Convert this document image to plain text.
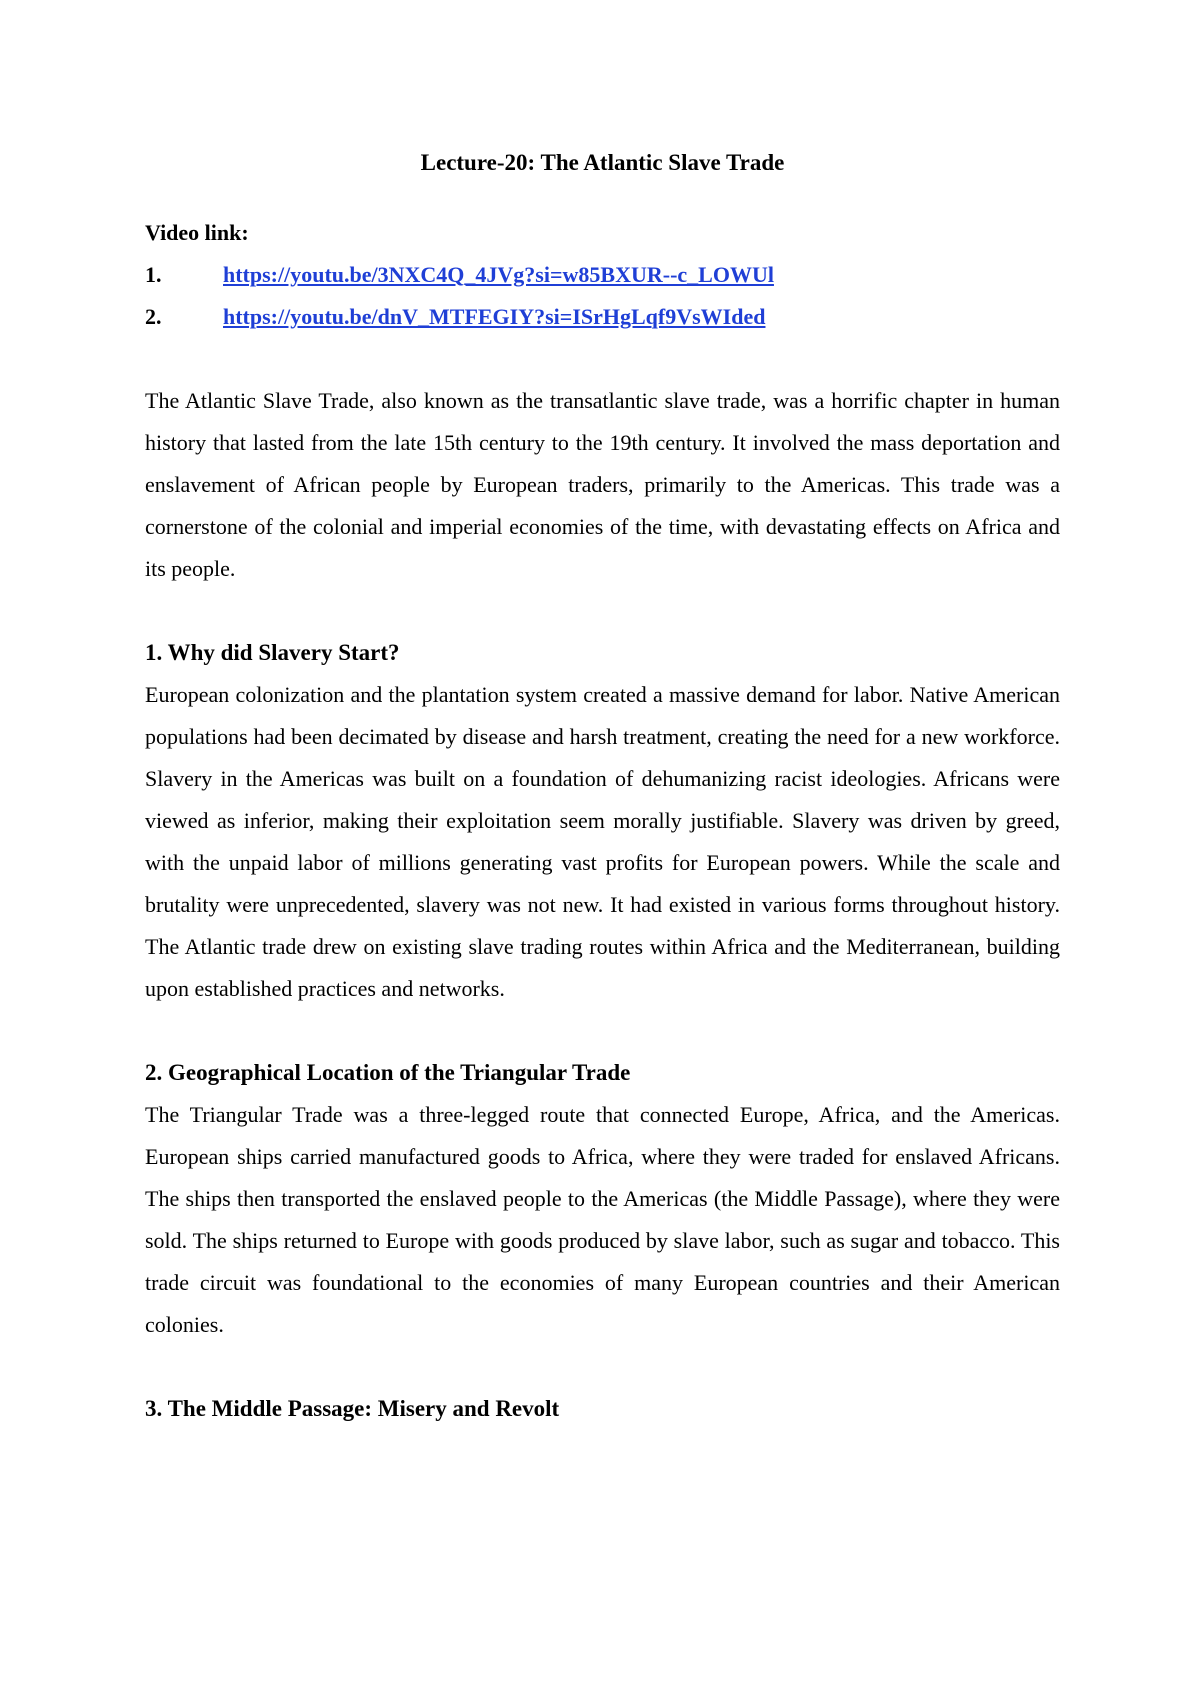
Lecture-20: The Atlantic Slave Trade

Video link:

1.	https://youtu.be/3NXC4Q_4JVg?si=w85BXUR--c_LOWUl
2.	https://youtu.be/dnV_MTFEGIY?si=ISrHgLqf9VsWIded

The Atlantic Slave Trade, also known as the transatlantic slave trade, was a horrific chapter in human history that lasted from the late 15th century to the 19th century. It involved the mass deportation and enslavement of African people by European traders, primarily to the Americas. This trade was a cornerstone of the colonial and imperial economies of the time, with devastating effects on Africa and its people.

1. Why did Slavery Start?

European colonization and the plantation system created a massive demand for labor. Native American populations had been decimated by disease and harsh treatment, creating the need for a new workforce. Slavery in the Americas was built on a foundation of dehumanizing racist ideologies. Africans were viewed as inferior, making their exploitation seem morally justifiable. Slavery was driven by greed, with the unpaid labor of millions generating vast profits for European powers. While the scale and brutality were unprecedented, slavery was not new. It had existed in various forms throughout history. The Atlantic trade drew on existing slave trading routes within Africa and the Mediterranean, building upon established practices and networks.

2. Geographical Location of the Triangular Trade

The Triangular Trade was a three-legged route that connected Europe, Africa, and the Americas. European ships carried manufactured goods to Africa, where they were traded for enslaved Africans. The ships then transported the enslaved people to the Americas (the Middle Passage), where they were sold. The ships returned to Europe with goods produced by slave labor, such as sugar and tobacco. This trade circuit was foundational to the economies of many European countries and their American colonies.

3. The Middle Passage: Misery and Revolt
